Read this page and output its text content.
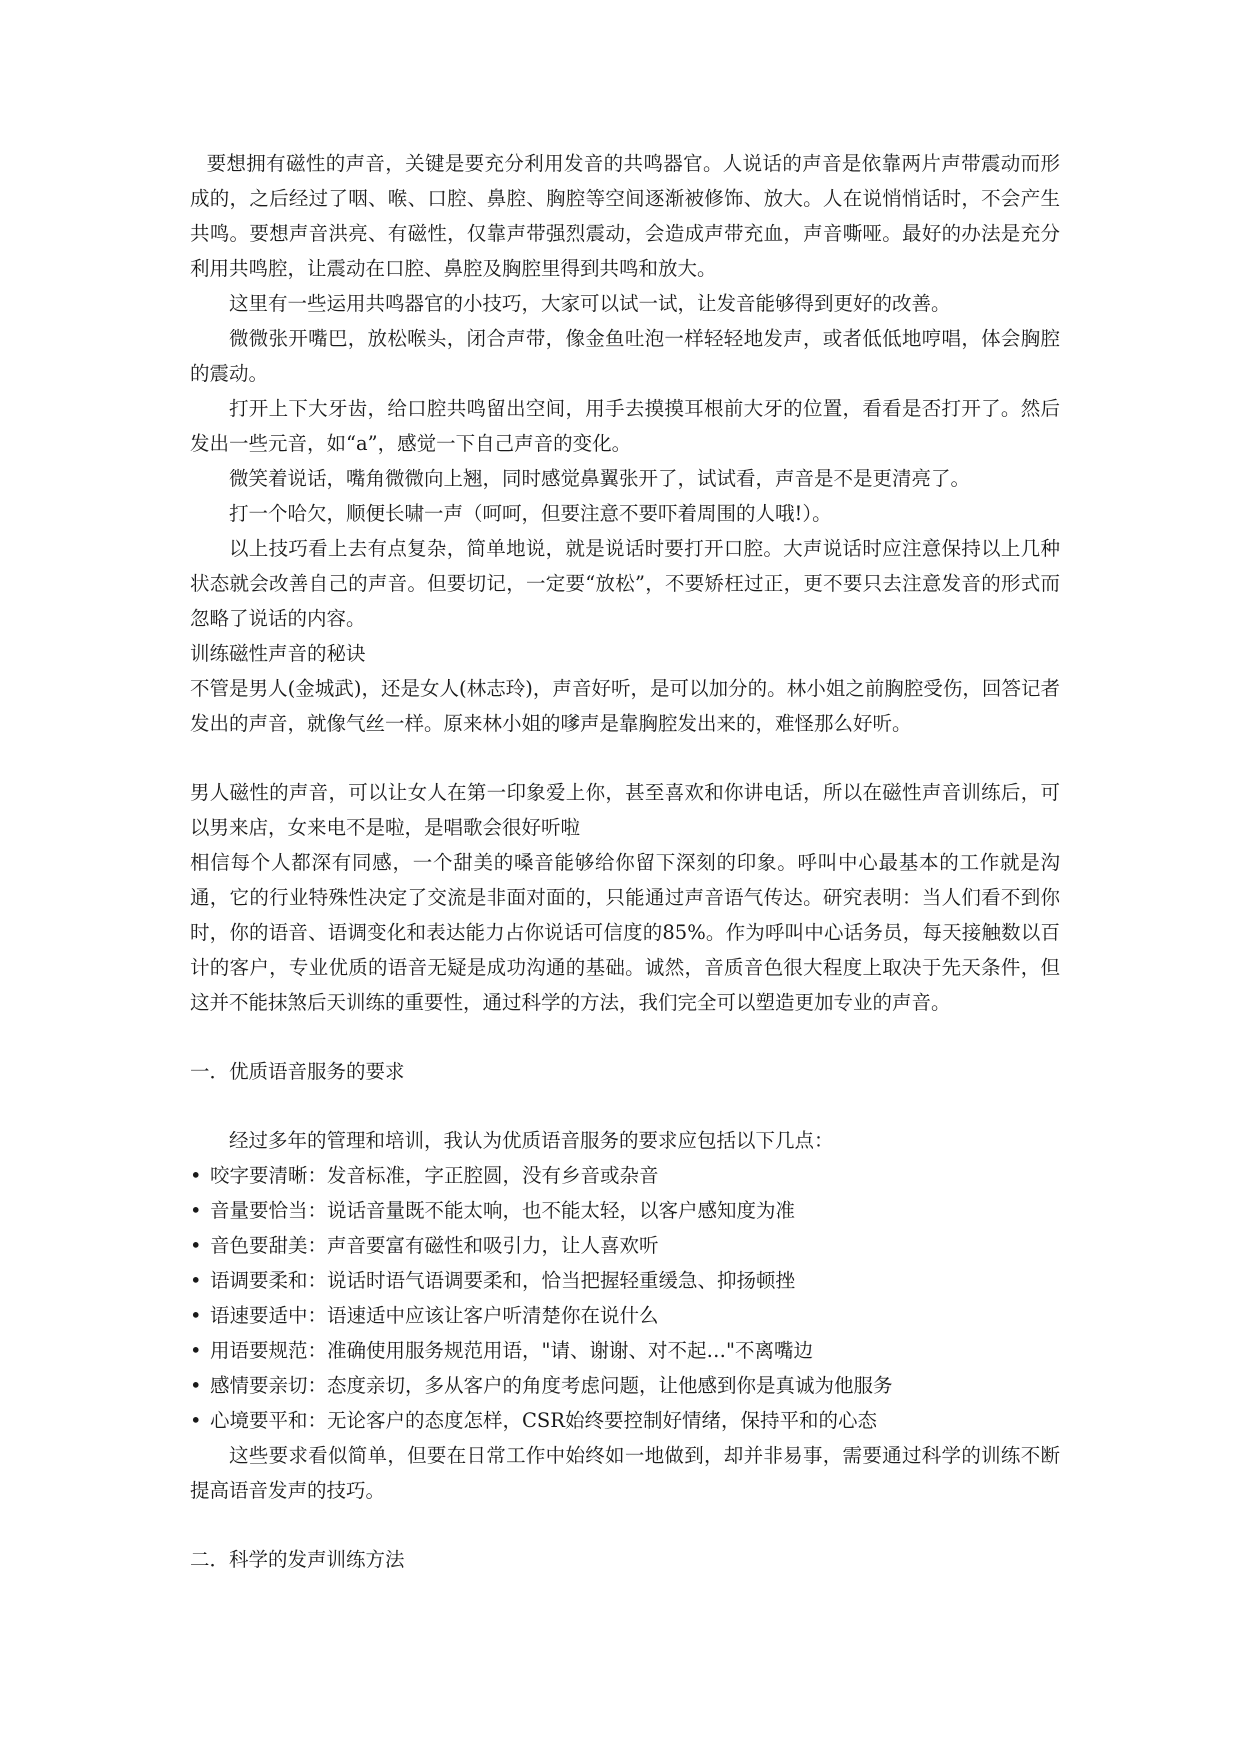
要想拥有磁性的声音，关键是要充分利用发音的共鸣器官。人说话的声音是依靠两片声带震动而形成的，之后经过了咽、喉、口腔、鼻腔、胸腔等空间逐渐被修饰、放大。人在说悄悄话时，不会产生共鸣。要想声音洪亮、有磁性，仅靠声带强烈震动，会造成声带充血，声音嘶哑。最好的办法是充分利用共鸣腔，让震动在口腔、鼻腔及胸腔里得到共鸣和放大。

这里有一些运用共鸣器官的小技巧，大家可以试一试，让发音能够得到更好的改善。

微微张开嘴巴，放松喉头，闭合声带，像金鱼吐泡一样轻轻地发声，或者低低地哼唱，体会胸腔的震动。

打开上下大牙齿，给口腔共鸣留出空间，用手去摸摸耳根前大牙的位置，看看是否打开了。然后发出一些元音，如“a”，感觉一下自己声音的变化。

微笑着说话，嘴角微微向上翘，同时感觉鼻翼张开了，试试看，声音是不是更清亮了。

打一个哈欠，顺便长啸一声（呵呵，但要注意不要吓着周围的人哦!）。

以上技巧看上去有点复杂，简单地说，就是说话时要打开口腔。大声说话时应注意保持以上几种状态就会改善自己的声音。但要切记，一定要“放松”，不要矫枉过正，更不要只去注意发音的形式而忽略了说话的内容。

训练磁性声音的秘诀

不管是男人(金城武)，还是女人(林志玲)，声音好听，是可以加分的。林小姐之前胸腔受伤，回答记者发出的声音，就像气丝一样。原来林小姐的嗲声是靠胸腔发出来的，难怪那么好听。

男人磁性的声音，可以让女人在第一印象爱上你，甚至喜欢和你讲电话，所以在磁性声音训练后，可以男来店，女来电不是啦，是唱歌会很好听啦

相信每个人都深有同感，一个甜美的嗓音能够给你留下深刻的印象。呼叫中心最基本的工作就是沟通，它的行业特殊性决定了交流是非面对面的，只能通过声音语气传达。研究表明：当人们看不到你时，你的语音、语调变化和表达能力占你说话可信度的85%。作为呼叫中心话务员，每天接触数以百计的客户，专业优质的语音无疑是成功沟通的基础。诚然，音质音色很大程度上取决于先天条件，但这并不能抹煞后天训练的重要性，通过科学的方法，我们完全可以塑造更加专业的声音。

一．优质语音服务的要求

经过多年的管理和培训，我认为优质语音服务的要求应包括以下几点：

• 咬字要清晰：发音标准，字正腔圆，没有乡音或杂音
• 音量要恰当：说话音量既不能太响，也不能太轻，以客户感知度为准
• 音色要甜美：声音要富有磁性和吸引力，让人喜欢听
• 语调要柔和：说话时语气语调要柔和，恰当把握轻重缓急、抑扬顿挫
• 语速要适中：语速适中应该让客户听清楚你在说什么
• 用语要规范：准确使用服务规范用语，"请、谢谢、对不起…"不离嘴边
• 感情要亲切：态度亲切，多从客户的角度考虑问题，让他感到你是真诚为他服务
• 心境要平和：无论客户的态度怎样，CSR始终要控制好情绪，保持平和的心态

这些要求看似简单，但要在日常工作中始终如一地做到，却并非易事，需要通过科学的训练不断提高语音发声的技巧。

二．科学的发声训练方法
